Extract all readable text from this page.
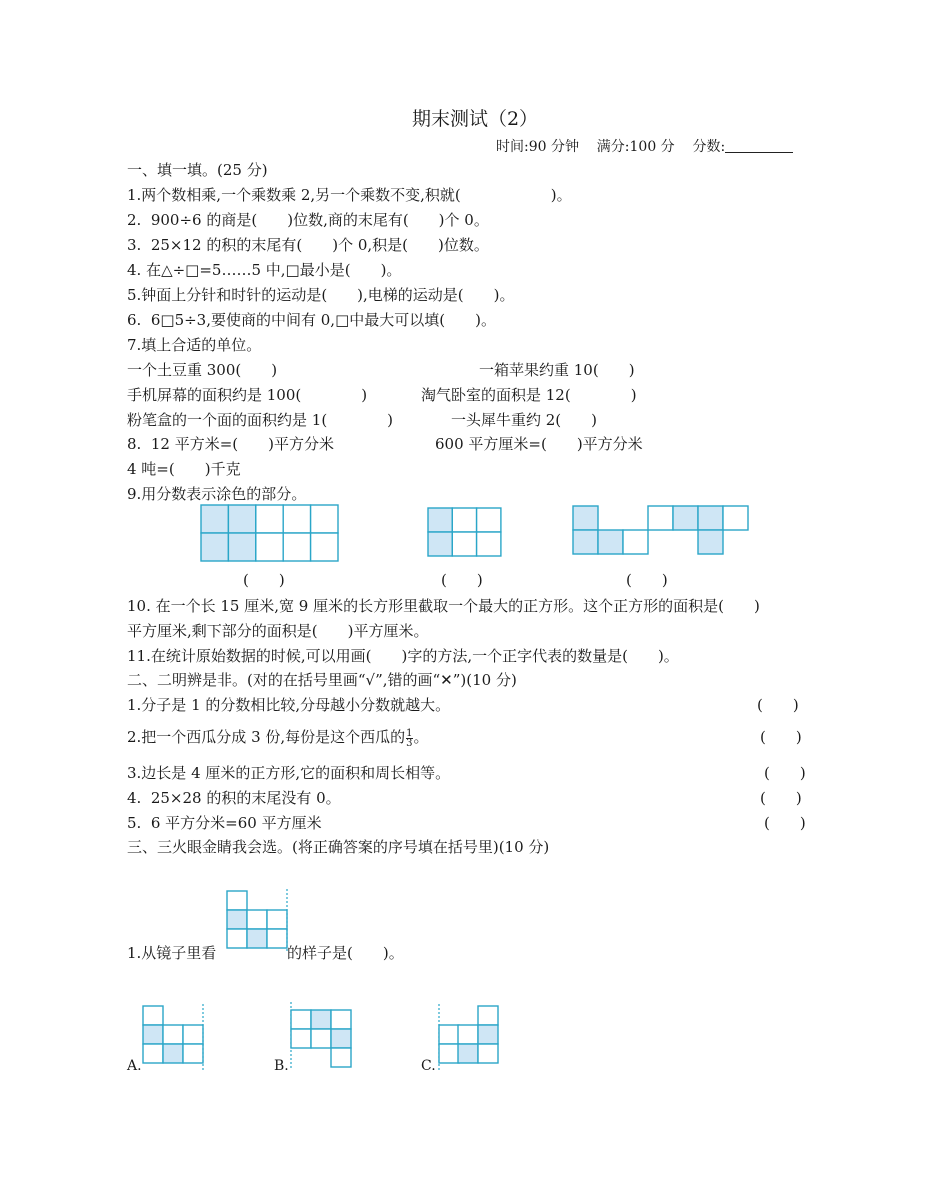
期末测试（2）
时间:90 分钟 满分:100 分 分数:
一、填一填。(25 分)
1.两个数相乘,一个乘数乘 2,另一个乘数不变,积就(　　　　　　)。
2.  900÷6 的商是(　　)位数,商的末尾有(　　)个 0。
3.  25×12 的积的末尾有(　　)个 0,积是(　　)位数。
4. 在△÷□=5……5 中,□最小是(　　)。
5.钟面上分针和时针的运动是(　　),电梯的运动是(　　)。
6.  6□5÷3,要使商的中间有 0,□中最大可以填(　　)。
7.填上合适的单位。
一个土豆重 300(　　)	一箱苹果约重 10(　　)
手机屏幕的面积约是 100(　　　　)	淘气卧室的面积是 12(　　　　)
粉笔盒的一个面的面积约是 1(　　　　)	一头犀牛重约 2(　　)
8.  12 平方米=(　　)平方分米	600 平方厘米=(　　)平方分米
4 吨=(　　)千克
9.用分数表示涂色的部分。
(　　)	(　　)	(　　)
10. 在一个长 15 厘米,宽 9 厘米的长方形里截取一个最大的正方形。这个正方形的面积是(　　)
平方厘米,剩下部分的面积是(　　)平方厘米。
11.在统计原始数据的时候,可以用画(　　)字的方法,一个正字代表的数量是(　　)。
二、二明辨是非。(对的在括号里画“√”,错的画“✕”)(10 分)
1.分子是 1 的分数相比较,分母越小分数就越大。	(　　)
2.把一个西瓜分成 3 份,每份是这个西瓜的 $\frac{1}{3}$ 。	(　　)
3.边长是 4 厘米的正方形,它的面积和周长相等。	(　　)
4.  25×28 的积的末尾没有 0。	(　　)
5.  6 平方分米=60 平方厘米	(　　)
三、三火眼金睛我会选。(将正确答案的序号填在括号里)(10 分)
1.从镜子里看	的样子是(　　)。
A.	B.	C.
